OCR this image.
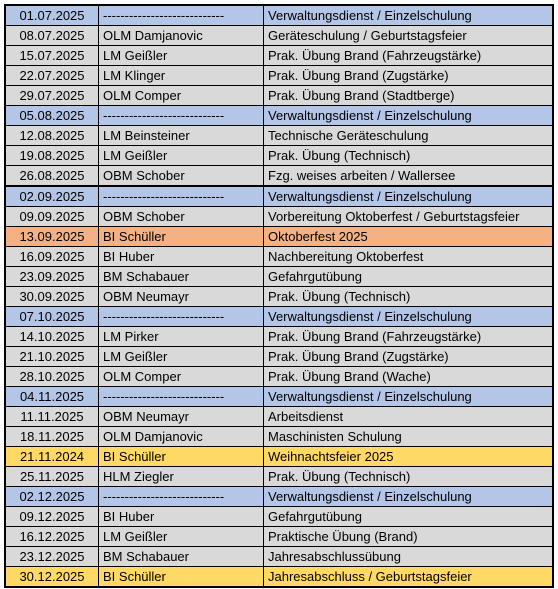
01.07.2025	----------------------------	Verwaltungsdienst / Einzelschulung
08.07.2025	OLM Damjanovic	Geräteschulung / Geburtstagsfeier
15.07.2025	LM Geißler	Prak. Übung Brand (Fahrzeugstärke)
22.07.2025	LM Klinger	Prak. Übung Brand (Zugstärke)
29.07.2025	OLM Comper	Prak. Übung Brand (Stadtberge)
05.08.2025	----------------------------	Verwaltungsdienst / Einzelschulung
12.08.2025	LM Beinsteiner	Technische Geräteschulung
19.08.2025	LM Geißler	Prak. Übung (Technisch)
26.08.2025	OBM Schober	Fzg. weises arbeiten / Wallersee
02.09.2025	----------------------------	Verwaltungsdienst / Einzelschulung
09.09.2025	OBM Schober	Vorbereitung Oktoberfest / Geburtstagsfeier
13.09.2025	BI Schüller	Oktoberfest 2025
16.09.2025	BI Huber	Nachbereitung Oktoberfest
23.09.2025	BM Schabauer	Gefahrgutübung
30.09.2025	OBM Neumayr	Prak. Übung (Technisch)
07.10.2025	----------------------------	Verwaltungsdienst / Einzelschulung
14.10.2025	LM Pirker	Prak. Übung Brand (Fahrzeugstärke)
21.10.2025	LM Geißler	Prak. Übung Brand (Zugstärke)
28.10.2025	OLM Comper	Prak. Übung Brand (Wache)
04.11.2025	----------------------------	Verwaltungsdienst / Einzelschulung
11.11.2025	OBM Neumayr	Arbeitsdienst
18.11.2025	OLM Damjanovic	Maschinisten Schulung
21.11.2024	BI Schüller	Weihnachtsfeier 2025
25.11.2025	HLM Ziegler	Prak. Übung (Technisch)
02.12.2025	----------------------------	Verwaltungsdienst / Einzelschulung
09.12.2025	BI Huber	Gefahrgutübung
16.12.2025	LM Geißler	Praktische Übung (Brand)
23.12.2025	BM Schabauer	Jahresabschlussübung
30.12.2025	BI Schüller	Jahresabschluss / Geburtstagsfeier
